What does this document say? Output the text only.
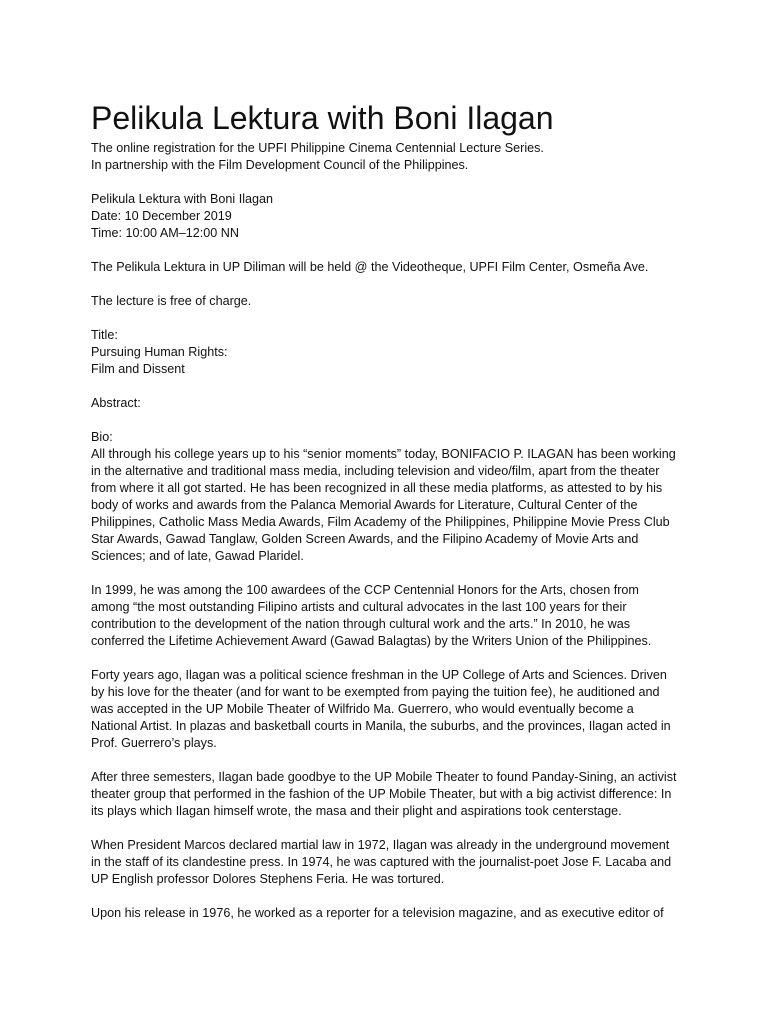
Pelikula Lektura with Boni Ilagan

The online registration for the UPFI Philippine Cinema Centennial Lecture Series.

In partnership with the Film Development Council of the Philippines.

Pelikula Lektura with Boni Ilagan

Date: 10 December 2019

Time: 10:00 AM–12:00 NN

The Pelikula Lektura in UP Diliman will be held @ the Videotheque, UPFI Film Center, Osmeña Ave.

The lecture is free of charge.

Title:

Pursuing Human Rights:

Film and Dissent

Abstract:

Bio:

All through his college years up to his “senior moments” today, BONIFACIO P. ILAGAN has been working

in the alternative and traditional mass media, including television and video/film, apart from the theater

from where it all got started. He has been recognized in all these media platforms, as attested to by his

body of works and awards from the Palanca Memorial Awards for Literature, Cultural Center of the

Philippines, Catholic Mass Media Awards, Film Academy of the Philippines, Philippine Movie Press Club

Star Awards, Gawad Tanglaw, Golden Screen Awards, and the Filipino Academy of Movie Arts and

Sciences; and of late, Gawad Plaridel.

In 1999, he was among the 100 awardees of the CCP Centennial Honors for the Arts, chosen from

among “the most outstanding Filipino artists and cultural advocates in the last 100 years for their

contribution to the development of the nation through cultural work and the arts.” In 2010, he was

conferred the Lifetime Achievement Award (Gawad Balagtas) by the Writers Union of the Philippines.

Forty years ago, Ilagan was a political science freshman in the UP College of Arts and Sciences. Driven

by his love for the theater (and for want to be exempted from paying the tuition fee), he auditioned and

was accepted in the UP Mobile Theater of Wilfrido Ma. Guerrero, who would eventually become a

National Artist. In plazas and basketball courts in Manila, the suburbs, and the provinces, Ilagan acted in

Prof. Guerrero’s plays.

After three semesters, Ilagan bade goodbye to the UP Mobile Theater to found Panday-Sining, an activist

theater group that performed in the fashion of the UP Mobile Theater, but with a big activist difference: In

its plays which Ilagan himself wrote, the masa and their plight and aspirations took centerstage.

When President Marcos declared martial law in 1972, Ilagan was already in the underground movement

in the staff of its clandestine press. In 1974, he was captured with the journalist-poet Jose F. Lacaba and

UP English professor Dolores Stephens Feria. He was tortured.

Upon his release in 1976, he worked as a reporter for a television magazine, and as executive editor of
